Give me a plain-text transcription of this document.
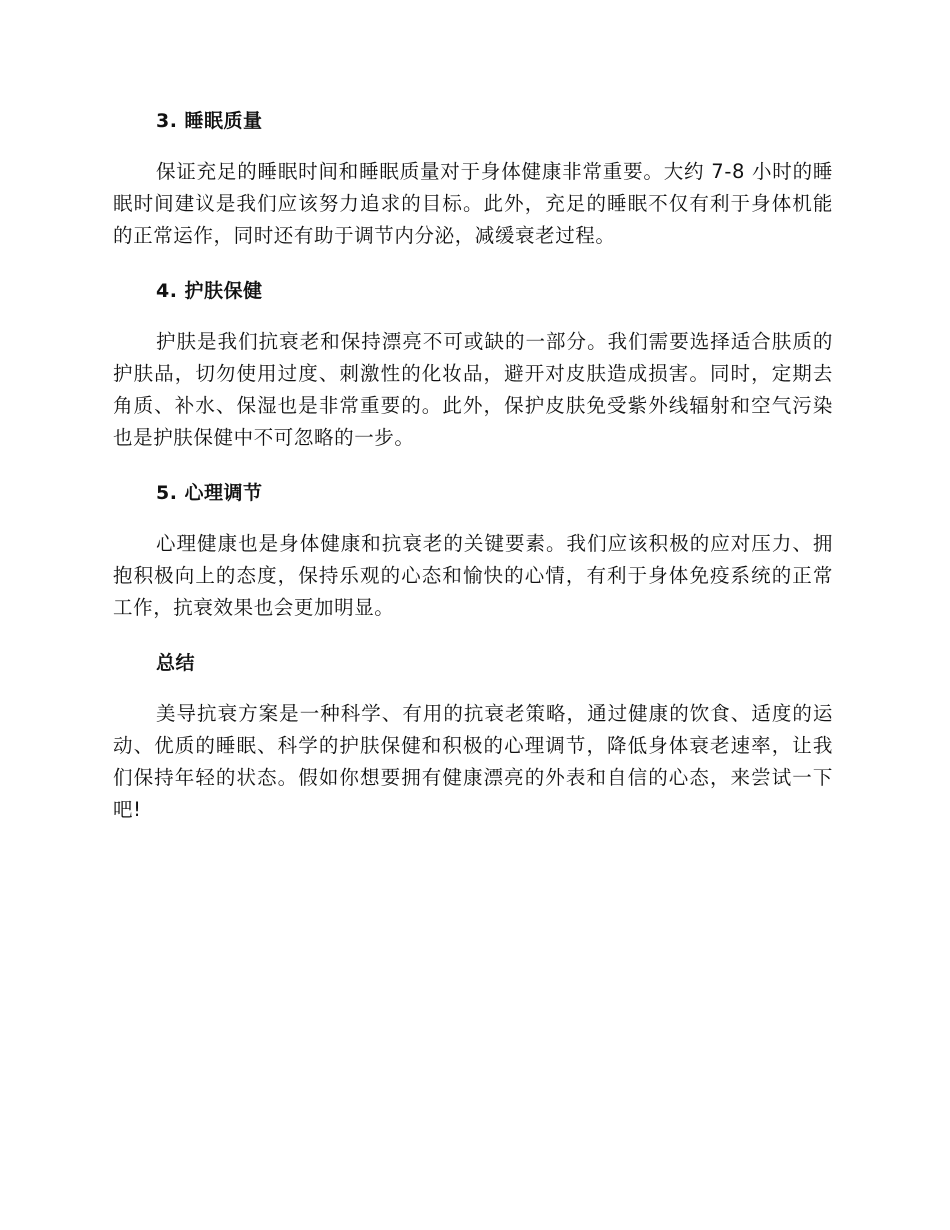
3. 睡眠质量

保证充足的睡眠时间和睡眠质量对于身体健康非常重要。大约 7-8 小时的睡眠时间建议是我们应该努力追求的目标。此外，充足的睡眠不仅有利于身体机能的正常运作，同时还有助于调节内分泌，减缓衰老过程。

4. 护肤保健

护肤是我们抗衰老和保持漂亮不可或缺的一部分。我们需要选择适合肤质的护肤品，切勿使用过度、刺激性的化妆品，避开对皮肤造成损害。同时，定期去角质、补水、保湿也是非常重要的。此外，保护皮肤免受紫外线辐射和空气污染也是护肤保健中不可忽略的一步。

5. 心理调节

心理健康也是身体健康和抗衰老的关键要素。我们应该积极的应对压力、拥抱积极向上的态度，保持乐观的心态和愉快的心情，有利于身体免疫系统的正常工作，抗衰效果也会更加明显。

总结

美导抗衰方案是一种科学、有用的抗衰老策略，通过健康的饮食、适度的运动、优质的睡眠、科学的护肤保健和积极的心理调节，降低身体衰老速率，让我们保持年轻的状态。假如你想要拥有健康漂亮的外表和自信的心态，来尝试一下吧!
